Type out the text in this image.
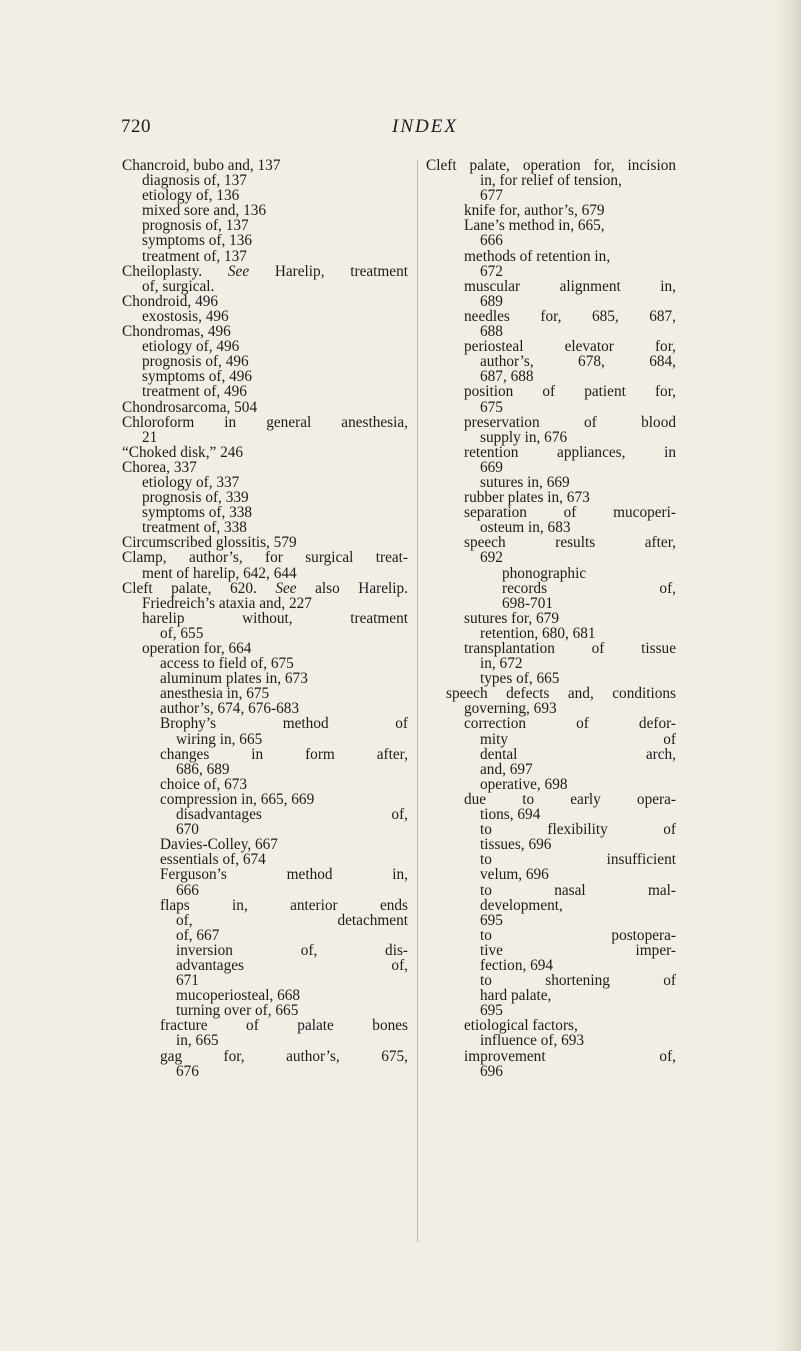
720	INDEX
Chancroid, bubo and, 137
diagnosis of, 137
etiology of, 136
mixed sore and, 136
prognosis of, 137
symptoms of, 136
treatment of, 137
Cheiloplasty. See Harelip, treatment
of, surgical.
Chondroid, 496
exostosis, 496
Chondromas, 496
etiology of, 496
prognosis of, 496
symptoms of, 496
treatment of, 496
Chondrosarcoma, 504
Chloroform in general anesthesia,
21
“Choked disk,” 246
Chorea, 337
etiology of, 337
prognosis of, 339
symptoms of, 338
treatment of, 338
Circumscribed glossitis, 579
Clamp, author’s, for surgical treat-
ment of harelip, 642, 644
Cleft palate, 620. See also Harelip.
Friedreich’s ataxia and, 227
harelip without, treatment
of, 655
operation for, 664
access to field of, 675
aluminum plates in, 673
anesthesia in, 675
author’s, 674, 676-683
Brophy’s method of
wiring in, 665
changes in form after,
686, 689
choice of, 673
compression in, 665, 669
disadvantages of,
670
Davies-Colley, 667
essentials of, 674
Ferguson’s method in,
666
flaps in, anterior ends
of, detachment
of, 667
inversion of, dis-
advantages of,
671
mucoperiosteal, 668
turning over of, 665
fracture of palate bones
in, 665
gag for, author’s, 675,
676
Cleft palate, operation for, incision
in, for relief of tension,
677
knife for, author’s, 679
Lane’s method in, 665,
666
methods of retention in,
672
muscular alignment in,
689
needles for, 685, 687,
688
periosteal elevator for,
author’s, 678, 684,
687, 688
position of patient for,
675
preservation of blood
supply in, 676
retention appliances, in
669
sutures in, 669
rubber plates in, 673
separation of mucoperi-
osteum in, 683
speech results after,
692
phonographic
records of,
698-701
sutures for, 679
retention, 680, 681
transplantation of tissue
in, 672
types of, 665
speech defects and, conditions
governing, 693
correction of defor-
mity of
dental arch,
and, 697
operative, 698
due to early opera-
tions, 694
to flexibility of
tissues, 696
to insufficient
velum, 696
to nasal mal-
development,
695
to postopera-
tive imper-
fection, 694
to shortening of
hard palate,
695
etiological factors,
influence of, 693
improvement of,
696
